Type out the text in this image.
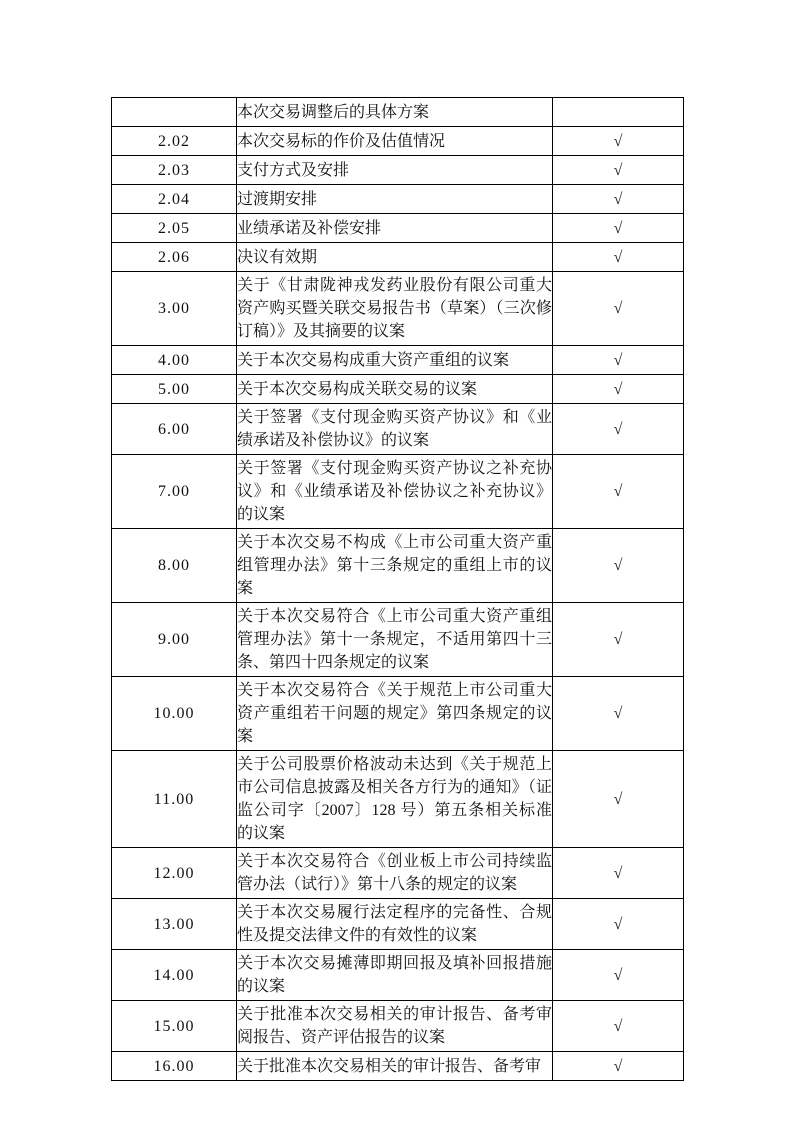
	本次交易调整后的具体方案	
2.02	本次交易标的作价及估值情况	√
2.03	支付方式及安排	√
2.04	过渡期安排	√
2.05	业绩承诺及补偿安排	√
2.06	决议有效期	√
3.00	关于《甘肃陇神戎发药业股份有限公司重大资产购买暨关联交易报告书（草案）（三次修订稿）》及其摘要的议案	√
4.00	关于本次交易构成重大资产重组的议案	√
5.00	关于本次交易构成关联交易的议案	√
6.00	关于签署《支付现金购买资产协议》和《业绩承诺及补偿协议》的议案	√
7.00	关于签署《支付现金购买资产协议之补充协议》和《业绩承诺及补偿协议之补充协议》的议案	√
8.00	关于本次交易不构成《上市公司重大资产重组管理办法》第十三条规定的重组上市的议案	√
9.00	关于本次交易符合《上市公司重大资产重组管理办法》第十一条规定，不适用第四十三条、第四十四条规定的议案	√
10.00	关于本次交易符合《关于规范上市公司重大资产重组若干问题的规定》第四条规定的议案	√
11.00	关于公司股票价格波动未达到《关于规范上市公司信息披露及相关各方行为的通知》（证监公司字〔2007〕128 号）第五条相关标准的议案	√
12.00	关于本次交易符合《创业板上市公司持续监管办法（试行）》第十八条的规定的议案	√
13.00	关于本次交易履行法定程序的完备性、合规性及提交法律文件的有效性的议案	√
14.00	关于本次交易摊薄即期回报及填补回报措施的议案	√
15.00	关于批准本次交易相关的审计报告、备考审阅报告、资产评估报告的议案	√
16.00	关于批准本次交易相关的审计报告、备考审	√
